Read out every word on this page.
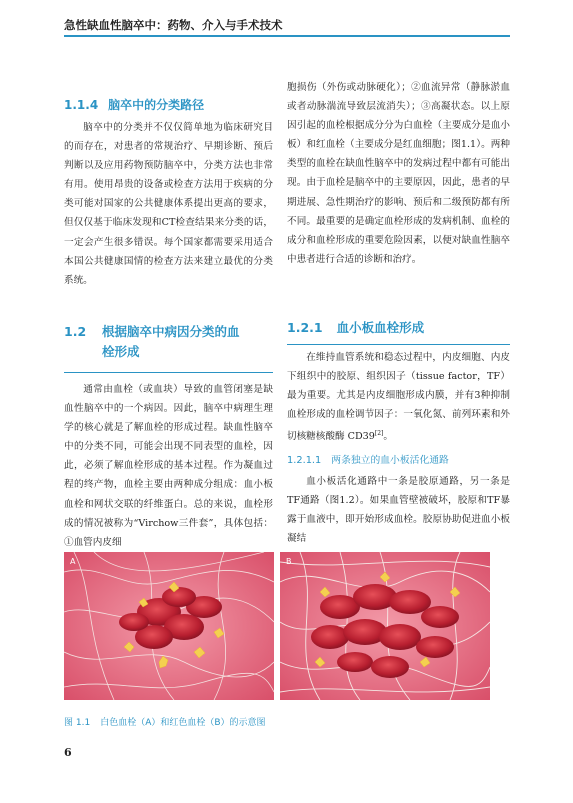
急性缺血性脑卒中：药物、介入与手术技术
1.1.4 脑卒中的分类路径

脑卒中的分类并不仅仅简单地为临床研究目的而存在，对患者的常规治疗、早期诊断、预后判断以及应用药物预防脑卒中，分类方法也非常有用。使用昂贵的设备或检查方法用于疾病的分类可能对国家的公共健康体系提出更高的要求，但仅仅基于临床发现和CT检查结果来分类的话，一定会产生很多错误。每个国家都需要采用适合本国公共健康国情的检查方法来建立最优的分类系统。

1.2 根据脑卒中病因分类的血
栓形成

通常由血栓（或血块）导致的血管闭塞是缺血性脑卒中的一个病因。因此，脑卒中病理生理学的核心就是了解血栓的形成过程。缺血性脑卒中的分类不同，可能会出现不同表型的血栓，因此，必须了解血栓形成的基本过程。作为凝血过程的终产物，血栓主要由两种成分组成：血小板血栓和网状交联的纤维蛋白。总的来说，血栓形成的情况被称为“Virchow三件套”，具体包括：①血管内皮细

胞损伤（外伤或动脉硬化）；②血流异常（静脉淤血或者动脉湍流导致层流消失）；③高凝状态。以上原因引起的血栓根据成分分为白血栓（主要成分是血小板）和红血栓（主要成分是红血细胞；图1.1）。两种类型的血栓在缺血性脑卒中的发病过程中都有可能出现。由于血栓是脑卒中的主要原因，因此，患者的早期进展、急性期治疗的影响、预后和二级预防都有所不同。最重要的是确定血栓形成的发病机制、血栓的成分和血栓形成的重要危险因素，以便对缺血性脑卒中患者进行合适的诊断和治疗。

1.2.1 血小板血栓形成

在维持血管系统和稳态过程中，内皮细胞、内皮下组织中的胶原、组织因子（tissue factor，TF）最为重要。尤其是内皮细胞形成内膜，并有3种抑制血栓形成的血栓调节因子：一氧化氮、前列环素和外切核糖核酸酶 CD39[2]。

1.2.1.1 两条独立的血小板活化通路

血小板活化通路中一条是胶原通路，另一条是TF通路（图1.2）。如果血管壁被破坏，胶原和TF暴露于血液中，即开始形成血栓。胶原协助促进血小板凝结

A	B
图 1.1 白色血栓（A）和红色血栓（B）的示意图
6
